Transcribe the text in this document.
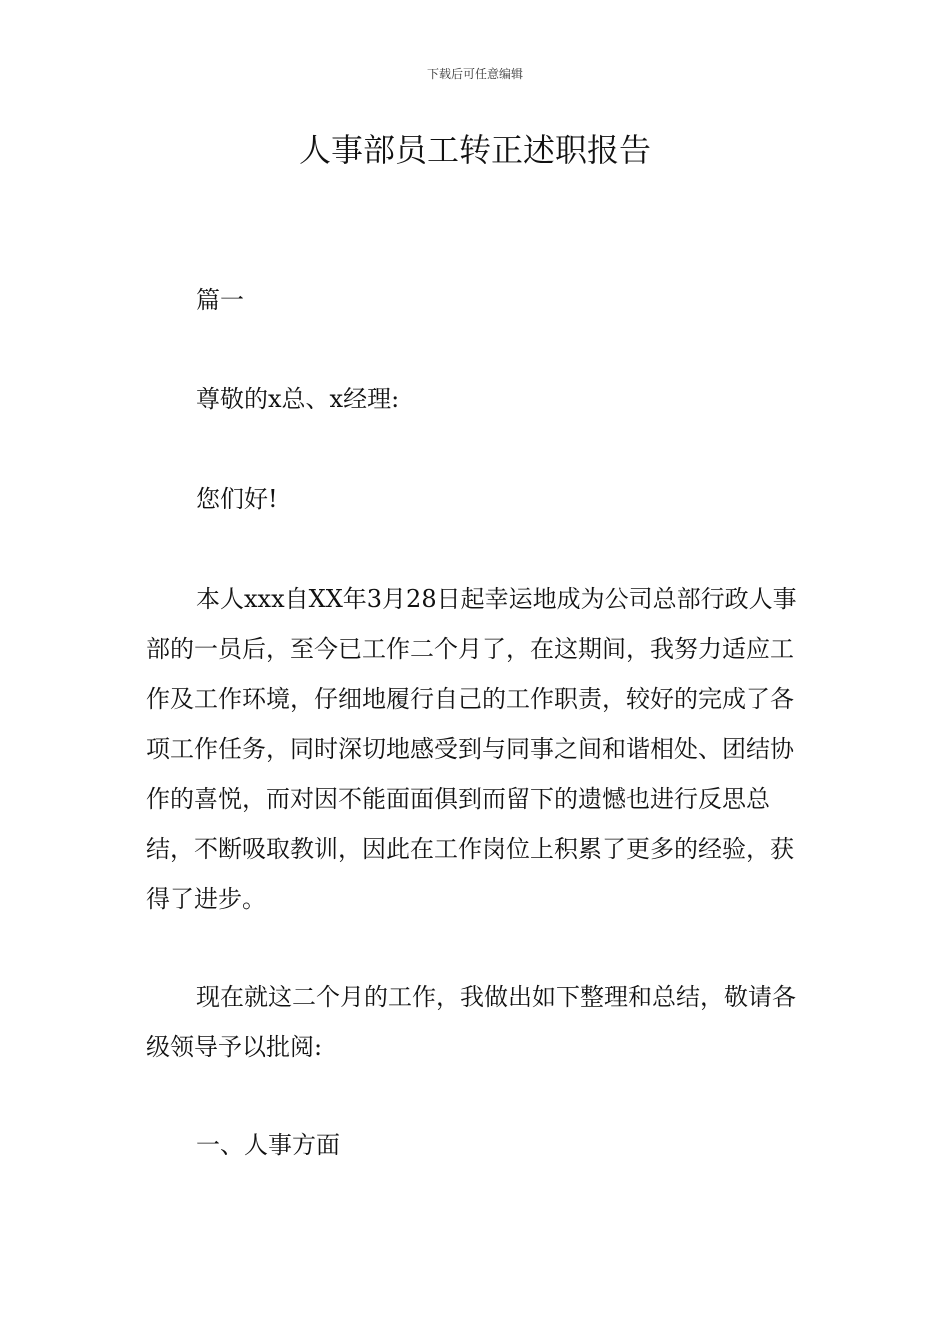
下载后可任意编辑
人事部员工转正述职报告

篇一

尊敬的x总、x经理:

您们好!

本人xxx自XX年3月28日起幸运地成为公司总部行政人事部的一员后，至今已工作二个月了，在这期间，我努力适应工作及工作环境，仔细地履行自己的工作职责，较好的完成了各项工作任务，同时深切地感受到与同事之间和谐相处、团结协作的喜悦，而对因不能面面俱到而留下的遗憾也进行反思总结，不断吸取教训，因此在工作岗位上积累了更多的经验，获得了进步。

现在就这二个月的工作，我做出如下整理和总结，敬请各级领导予以批阅:

一、人事方面
